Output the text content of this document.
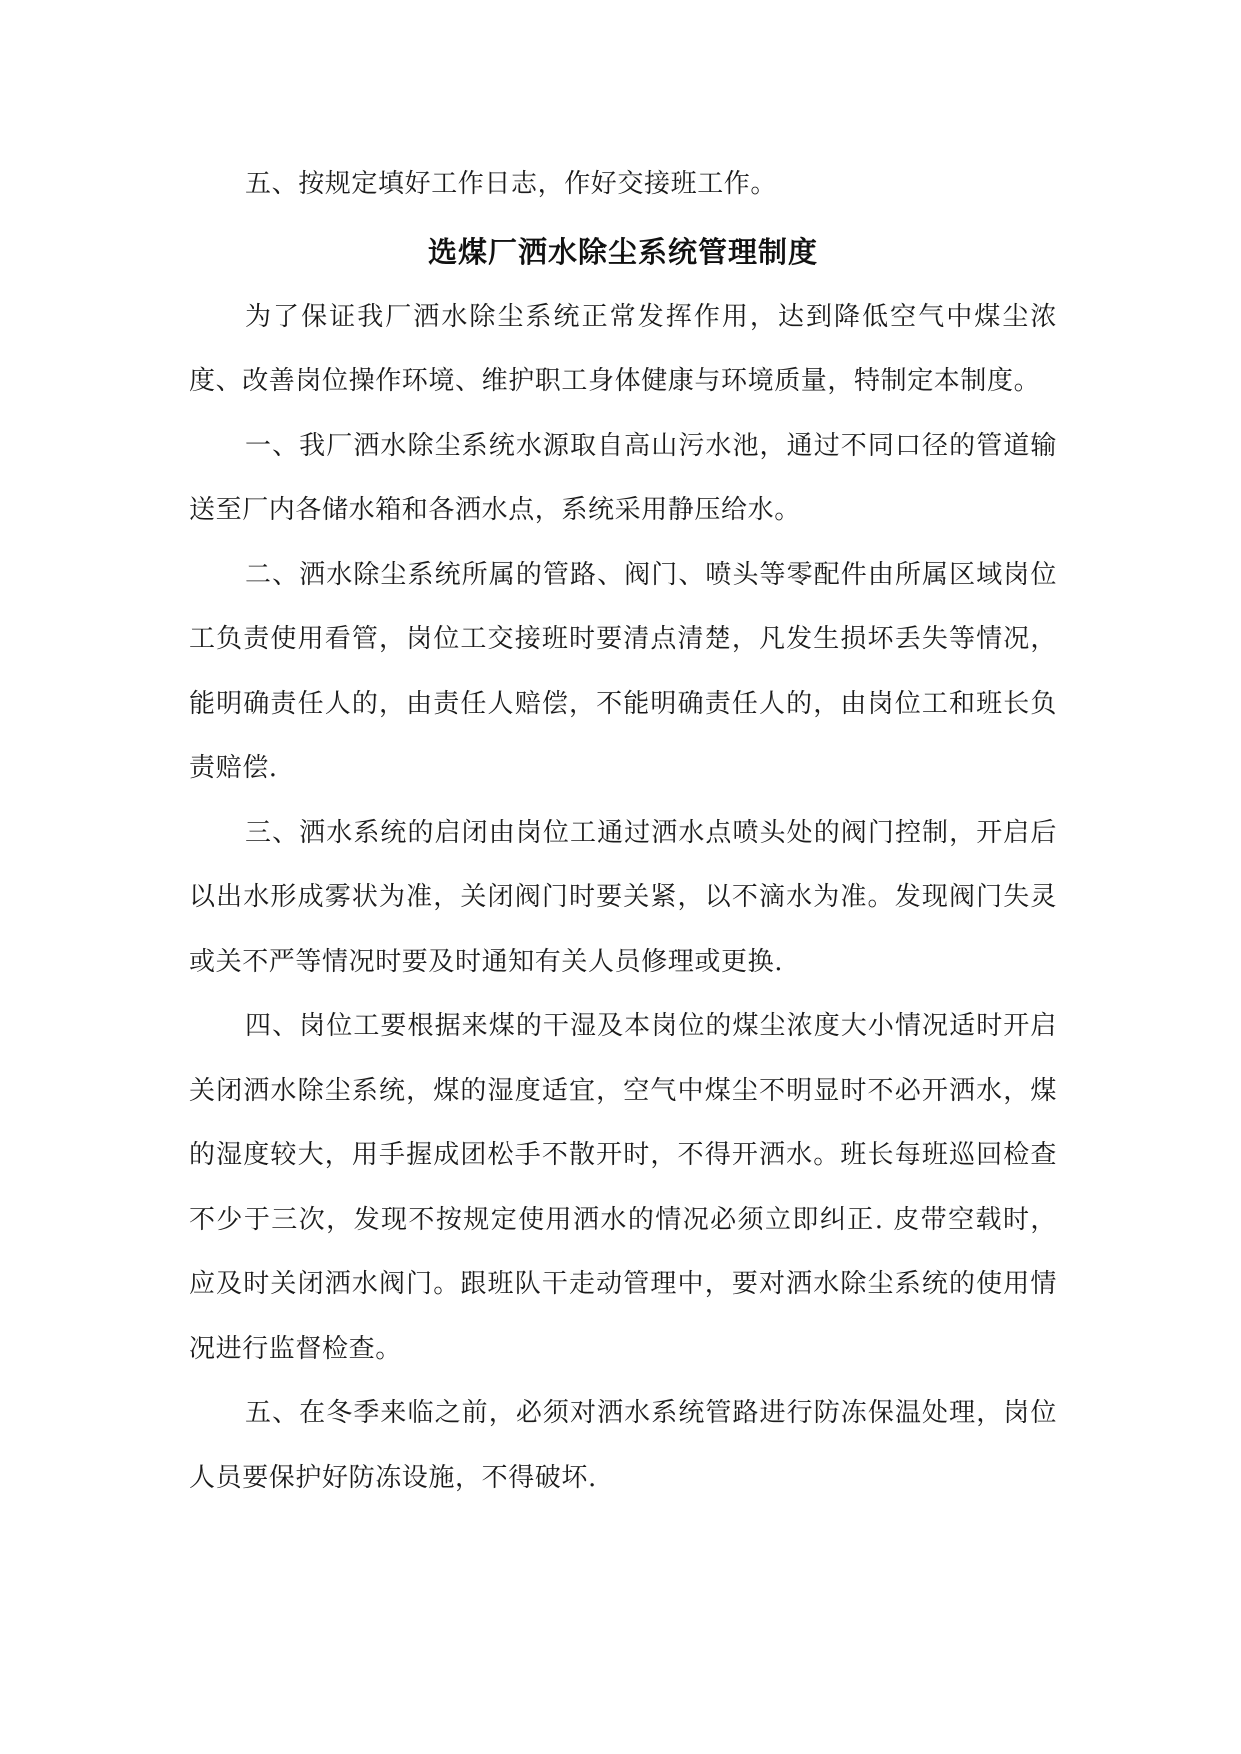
五、按规定填好工作日志，作好交接班工作。

选煤厂洒水除尘系统管理制度

为了保证我厂洒水除尘系统正常发挥作用，达到降低空气中煤尘浓度、改善岗位操作环境、维护职工身体健康与环境质量，特制定本制度。

一、我厂洒水除尘系统水源取自高山污水池，通过不同口径的管道输送至厂内各储水箱和各洒水点，系统采用静压给水。

二、洒水除尘系统所属的管路、阀门、喷头等零配件由所属区域岗位工负责使用看管，岗位工交接班时要清点清楚，凡发生损坏丢失等情况，能明确责任人的，由责任人赔偿，不能明确责任人的，由岗位工和班长负责赔偿.

三、洒水系统的启闭由岗位工通过洒水点喷头处的阀门控制，开启后以出水形成雾状为准，关闭阀门时要关紧，以不滴水为准。发现阀门失灵或关不严等情况时要及时通知有关人员修理或更换.

四、岗位工要根据来煤的干湿及本岗位的煤尘浓度大小情况适时开启关闭洒水除尘系统，煤的湿度适宜，空气中煤尘不明显时不必开洒水，煤的湿度较大，用手握成团松手不散开时，不得开洒水。班长每班巡回检查不少于三次，发现不按规定使用洒水的情况必须立即纠正. 皮带空载时，应及时关闭洒水阀门。跟班队干走动管理中，要对洒水除尘系统的使用情况进行监督检查。

五、在冬季来临之前，必须对洒水系统管路进行防冻保温处理，岗位人员要保护好防冻设施，不得破坏.
